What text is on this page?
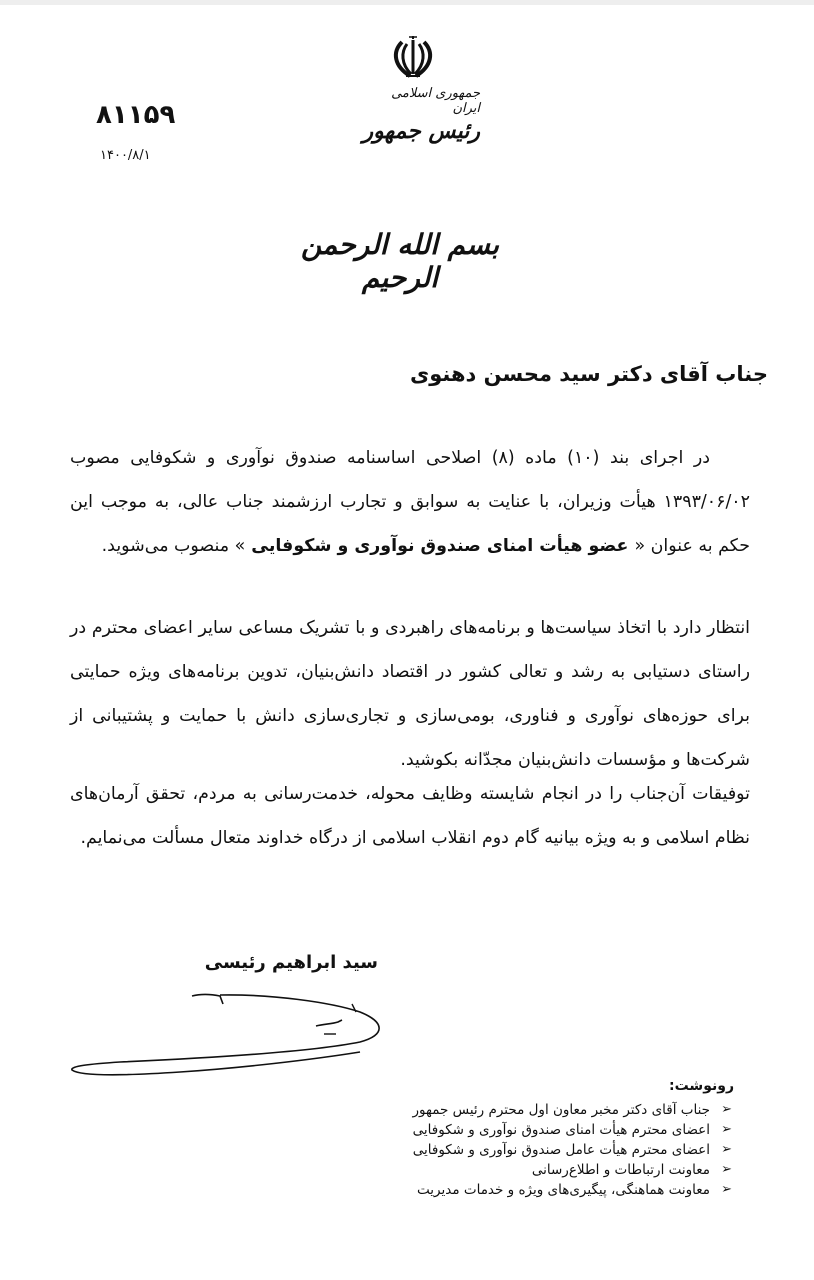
جمهوری اسلامی ایران
رئیس جمهور
۸۱۱۵۹
۱۴۰۰/۸/۱
بسم الله الرحمن الرحیم
جناب آقای دکتر سید محسن دهنوی
در اجرای بند (۱۰) ماده (۸) اصلاحی اساسنامه صندوق نوآوری و شکوفایی مصوب ۱۳۹۳/۰۶/۰۲ هیأت وزیران، با عنایت به سوابق و تجارب ارزشمند جناب عالی، به موجب این حکم به عنوان « عضو هیأت امنای صندوق نوآوری و شکوفایی » منصوب می‌شوید.
انتظار دارد با اتخاذ سیاست‌ها و برنامه‌های راهبردی و با تشریک مساعی سایر اعضای محترم در راستای دستیابی به رشد و تعالی کشور در اقتصاد دانش‌بنیان، تدوین برنامه‌های ویژه حمایتی برای حوزه‌های نوآوری و فناوری، بومی‌سازی و تجاری‌سازی دانش با حمایت و پشتیبانی از شرکت‌ها و مؤسسات دانش‌بنیان مجدّانه بکوشید.
توفیقات آن‌جناب را در انجام شایسته وظایف محوله، خدمت‌رسانی به مردم، تحقق آرمان‌های نظام اسلامی و به ویژه بیانیه گام دوم انقلاب اسلامی از درگاه خداوند متعال مسألت می‌نمایم.
سید ابراهیم رئیسی
رونوشت:
➢
جناب آقای دکتر مخبر معاون اول محترم رئیس جمهور
➢
اعضای محترم هیأت امنای صندوق نوآوری و شکوفایی
➢
اعضای محترم هیأت عامل صندوق نوآوری و شکوفایی
➢
معاونت ارتباطات و اطلاع‌رسانی
➢
معاونت هماهنگی، پیگیری‌های ویژه و خدمات مدیریت
